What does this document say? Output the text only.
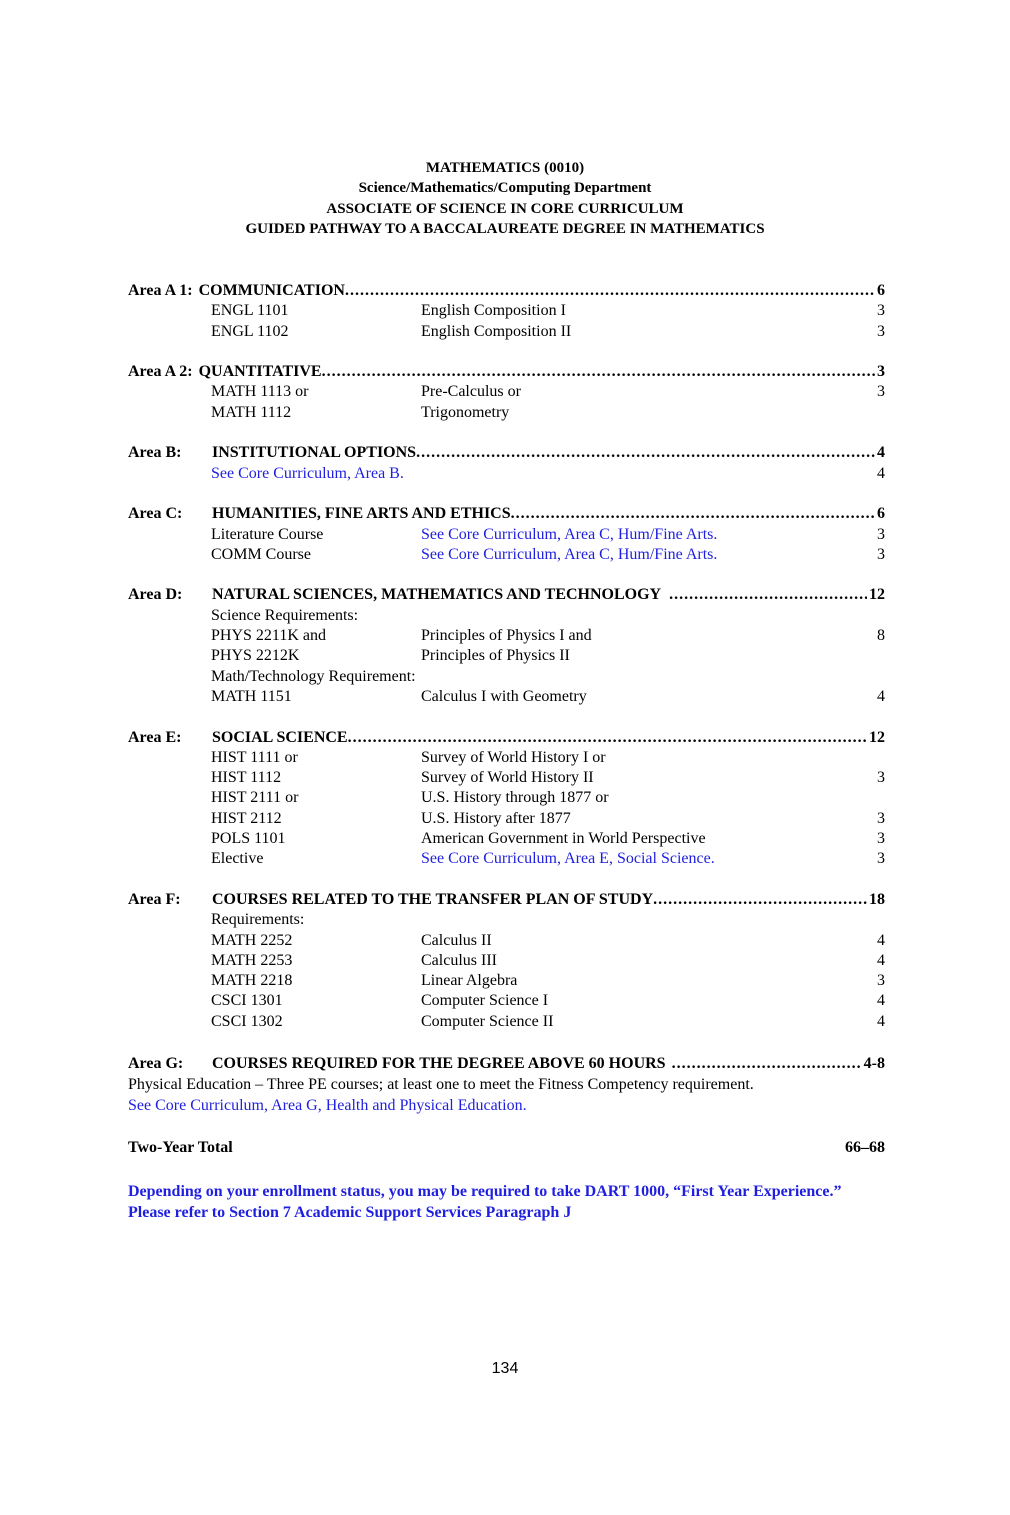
MATHEMATICS (0010)
Science/Mathematics/Computing Department
ASSOCIATE OF SCIENCE IN CORE CURRICULUM
GUIDED PATHWAY TO A BACCALAUREATE DEGREE IN MATHEMATICS
Area A 1: COMMUNICATION .....	6
ENGL 1101	English Composition I	3
ENGL 1102	English Composition II	3
Area A 2: QUANTITATIVE .....	3
MATH 1113 or	Pre-Calculus or	3
MATH 1112	Trigonometry
Area B:	INSTITUTIONAL OPTIONS .....	4
See Core Curriculum, Area B.	4
Area C:	HUMANITIES, FINE ARTS AND ETHICS .....	6
Literature Course	See Core Curriculum, Area C, Hum/Fine Arts.	3
COMM Course	See Core Curriculum, Area C, Hum/Fine Arts.	3
Area D:	NATURAL SCIENCES, MATHEMATICS AND TECHNOLOGY .....	12
Science Requirements:
PHYS 2211K and	Principles of Physics I and	8
PHYS 2212K	Principles of Physics II
Math/Technology Requirement:
MATH 1151	Calculus I with Geometry	4
Area E:	SOCIAL SCIENCE .....	12
HIST 1111 or	Survey of World History I or
HIST 1112	Survey of World History II	3
HIST 2111 or	U.S. History through 1877 or
HIST 2112	U.S. History after 1877	3
POLS 1101	American Government in World Perspective	3
Elective	See Core Curriculum, Area E, Social Science.	3
Area F:	COURSES RELATED TO THE TRANSFER PLAN OF STUDY .....	18
Requirements:
MATH 2252	Calculus II	4
MATH 2253	Calculus III	4
MATH 2218	Linear Algebra	3
CSCI 1301	Computer Science I	4
CSCI 1302	Computer Science II	4
Area G:	COURSES REQUIRED FOR THE DEGREE ABOVE 60 HOURS .....	4-8
Physical Education – Three PE courses; at least one to meet the Fitness Competency requirement. See Core Curriculum, Area G, Health and Physical Education.
Two-Year Total	66–68
Depending on your enrollment status, you may be required to take DART 1000, “First Year Experience.” Please refer to Section 7 Academic Support Services Paragraph J
134
